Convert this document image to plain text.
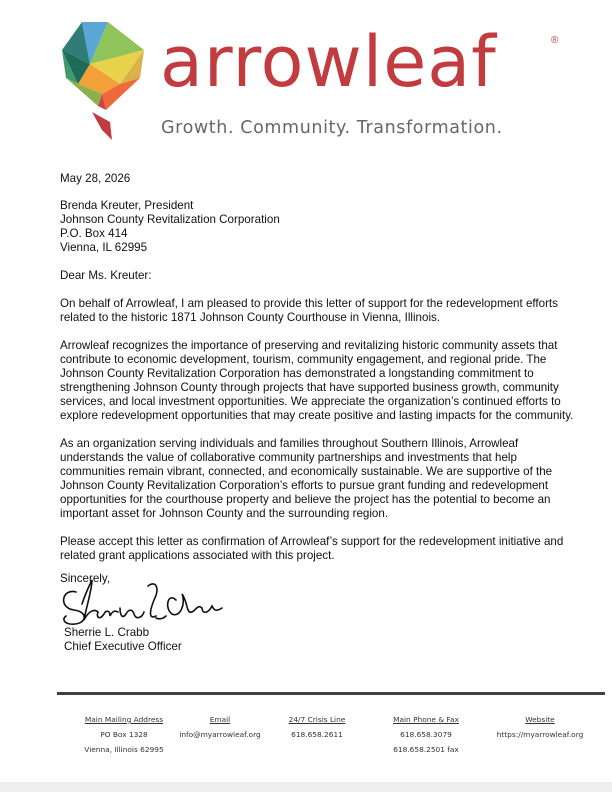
arrowleaf	®
Growth. Community. Transformation.

May 28, 2026

Brenda Kreuter, President

Johnson County Revitalization Corporation

P.O. Box 414

Vienna, IL 62995

Dear Ms. Kreuter:

On behalf of Arrowleaf, I am pleased to provide this letter of support for the redevelopment efforts related to the historic 1871 Johnson County Courthouse in Vienna, Illinois.

Arrowleaf recognizes the importance of preserving and revitalizing historic community assets that contribute to economic development, tourism, community engagement, and regional pride. The Johnson County Revitalization Corporation has demonstrated a longstanding commitment to strengthening Johnson County through projects that have supported business growth, community services, and local investment opportunities. We appreciate the organization’s continued efforts to explore redevelopment opportunities that may create positive and lasting impacts for the community.

As an organization serving individuals and families throughout Southern Illinois, Arrowleaf understands the value of collaborative community partnerships and investments that help communities remain vibrant, connected, and economically sustainable. We are supportive of the Johnson County Revitalization Corporation’s efforts to pursue grant funding and redevelopment opportunities for the courthouse property and believe the project has the potential to become an important asset for Johnson County and the surrounding region.

Please accept this letter as confirmation of Arrowleaf’s support for the redevelopment initiative and related grant applications associated with this project.

Sincerely,
Sherrie L. Crabb
Chief Executive Officer
Main Mailing Address
PO Box 1328
Vienna, Illinois 62995
Email
info@myarrowleaf.org
24/7 Crisis Line
618.658.2611
Main Phone & Fax
618.658.3079
618.658.2501 fax
Website
https://myarrowleaf.org
